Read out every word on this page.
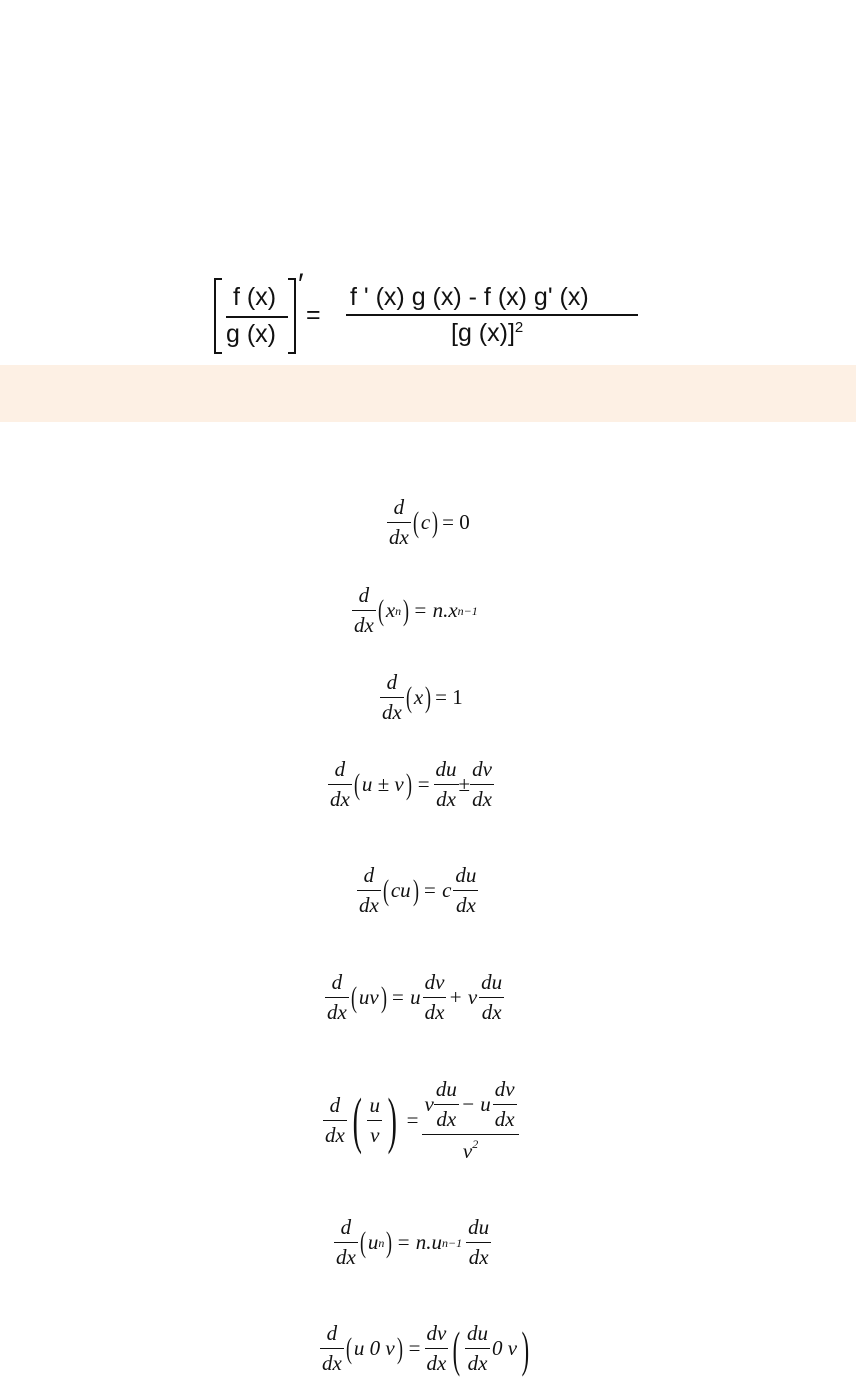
f (x)
g (x)
′
=
f ' (x) g (x) - f (x) g' (x)
[g (x)]$^2$
$\frac{d}{dx}$ ( c ) = 0
$\frac{d}{dx}$ ( x n ) = n.x n−1
$\frac{d}{dx}$ ( x ) = 1
$\frac{d}{dx}$ ( u ± v ) = $\frac{du}{dx} \pm \frac{dv}{dx}$
$\frac{d}{dx}$ ( cu ) = c $\frac{du}{dx}$
$\frac{d}{dx}$ ( uv ) = u $\frac{dv}{dx} + v \frac{du}{dx}$
$\frac{d}{dx}$ ( $\frac{u}{v}$ ) = $\frac{v \frac{du}{dx} - u \frac{dv}{dx}}{v^2}$
$\frac{d}{dx}$ ( u n ) = n.u $n-1 \frac{du}{dx}$
$\frac{d}{dx}$ ( u 0 v ) = $\frac{dv}{dx}$ ( $\frac{du}{dx} 0$ v )
